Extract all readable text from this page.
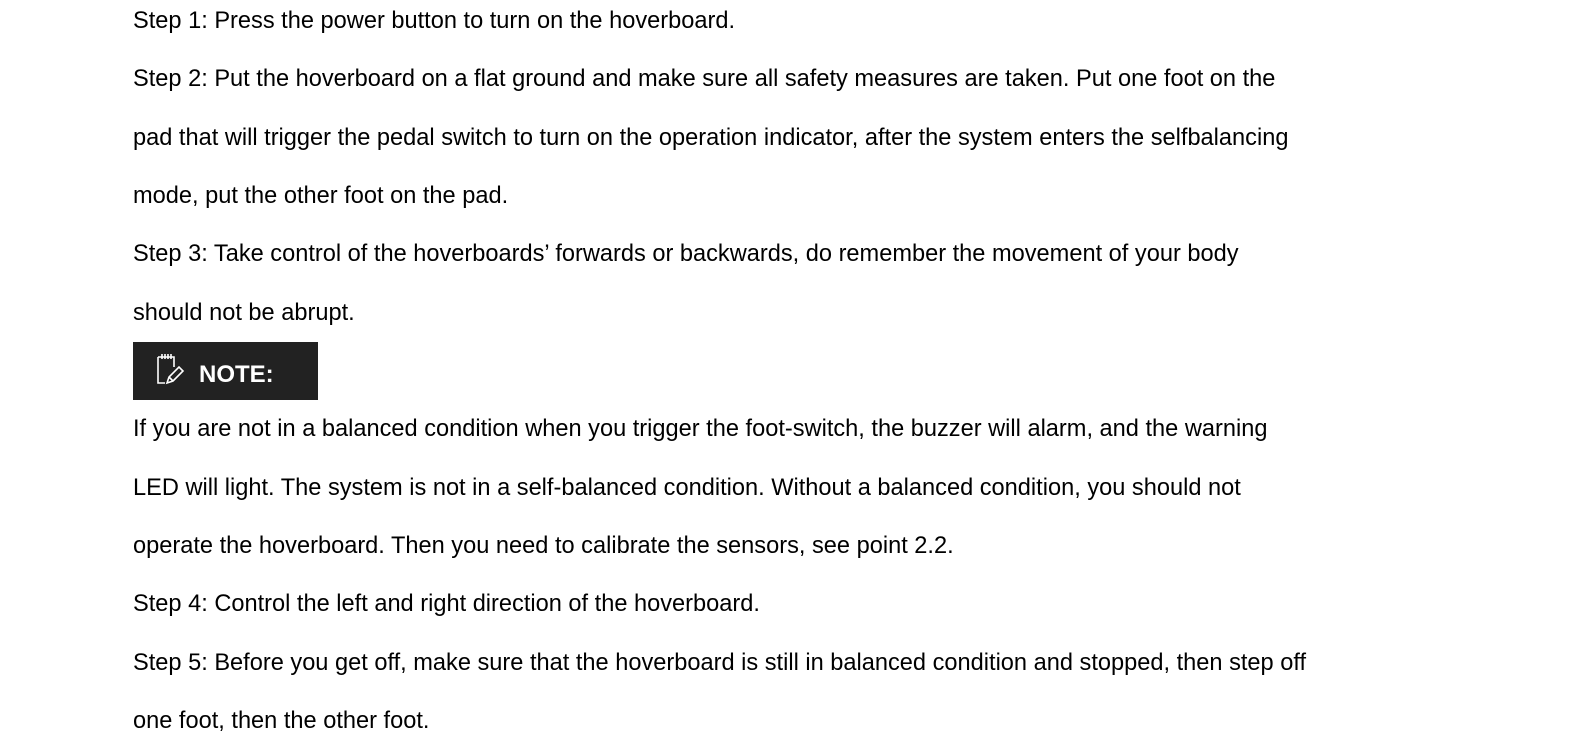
Step 1: Press the power button to turn on the hoverboard.
Step 2: Put the hoverboard on a flat ground and make sure all safety measures are taken. Put one foot on the
pad that will trigger the pedal switch to turn on the operation indicator, after the system enters the selfbalancing
mode, put the other foot on the pad.
Step 3: Take control of the hoverboards’ forwards or backwards, do remember the movement of your body
should not be abrupt.
NOTE:
If you are not in a balanced condition when you trigger the foot-switch, the buzzer will alarm, and the warning
LED will light. The system is not in a self-balanced condition. Without a balanced condition, you should not
operate the hoverboard. Then you need to calibrate the sensors, see point 2.2.
Step 4: Control the left and right direction of the hoverboard.
Step 5: Before you get off, make sure that the hoverboard is still in balanced condition and stopped, then step off
one foot, then the other foot.
